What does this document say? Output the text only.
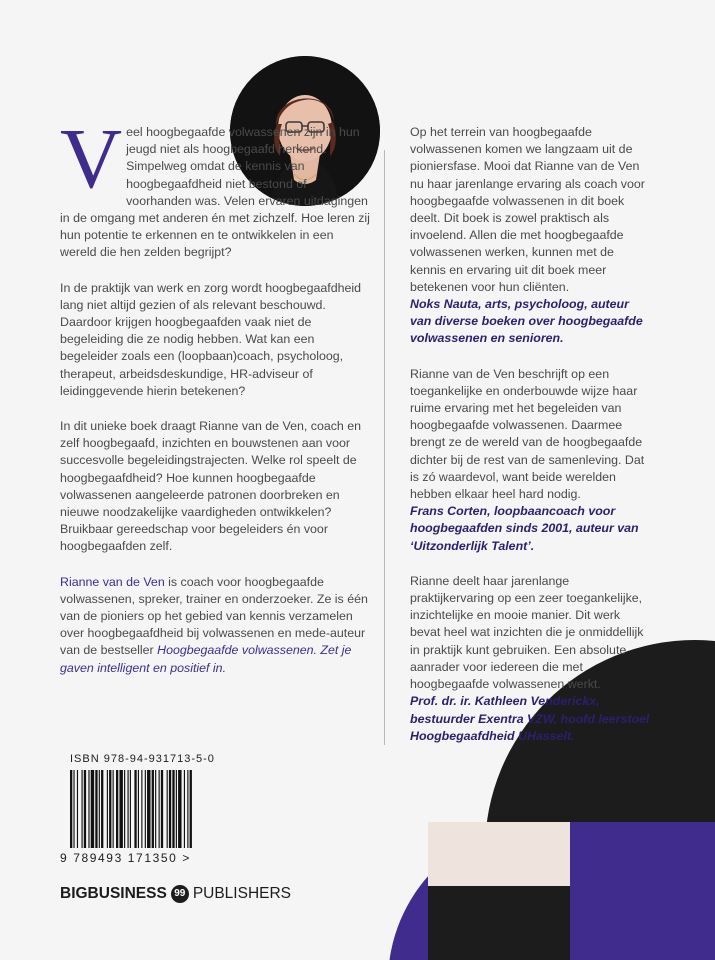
V eel hoogbegaafde volwassenen zijn in hun jeugd niet als hoogbegaafd herkend. Simpelweg omdat de kennis van hoogbegaafdheid niet bestond of voorhanden was. Velen ervaren uitdagingen in de omgang met anderen én met zichzelf. Hoe leren zij hun potentie te erkennen en te ontwikkelen in een wereld die hen zelden begrijpt?

In de praktijk van werk en zorg wordt hoogbegaafdheid lang niet altijd gezien of als relevant beschouwd. Daardoor krijgen hoogbegaafden vaak niet de begeleiding die ze nodig hebben. Wat kan een begeleider zoals een (loopbaan)coach, psycholoog, therapeut, arbeidsdeskundige, HR-adviseur of leidinggevende hierin betekenen?

In dit unieke boek draagt Rianne van de Ven, coach en zelf hoogbegaafd, inzichten en bouwstenen aan voor succesvolle begeleidingstrajecten. Welke rol speelt de hoogbegaafdheid? Hoe kunnen hoogbegaafde volwassenen aangeleerde patronen doorbreken en nieuwe noodzakelijke vaardigheden ontwikkelen? Bruikbaar gereedschap voor begeleiders én voor hoogbegaafden zelf.

Rianne van de Ven is coach voor hoogbegaafde volwassenen, spreker, trainer en onderzoeker. Ze is één van de pioniers op het gebied van kennis verzamelen over hoogbegaafdheid bij volwassenen en mede-auteur van de bestseller Hoogbegaafde volwassenen. Zet je gaven intelligent en positief in.

Op het terrein van hoogbegaafde volwassenen komen we langzaam uit de pioniersfase. Mooi dat Rianne van de Ven nu haar jarenlange ervaring als coach voor hoogbegaafde volwassenen in dit boek deelt. Dit boek is zowel praktisch als invoelend. Allen die met hoogbegaafde volwassenen werken, kunnen met de kennis en ervaring uit dit boek meer betekenen voor hun cliënten.

Noks Nauta, arts, psycholoog, auteur van diverse boeken over hoogbegaafde volwassenen en senioren.

Rianne van de Ven beschrijft op een toegankelijke en onderbouwde wijze haar ruime ervaring met het begeleiden van hoogbegaafde volwassenen. Daarmee brengt ze de wereld van de hoogbegaafde dichter bij de rest van de samenleving. Dat is zó waardevol, want beide werelden hebben elkaar heel hard nodig.

Frans Corten, loopbaancoach voor hoogbegaafden sinds 2001, auteur van ‘Uitzonderlijk Talent’.

Rianne deelt haar jarenlange praktijkervaring op een zeer toegankelijke, inzichtelijke en mooie manier. Dit werk bevat heel wat inzichten die je onmiddellijk in praktijk kunt gebruiken. Een absolute aanrader voor iedereen die met hoogbegaafde volwassenen werkt.

Prof. dr. ir. Kathleen Venderickx, bestuurder Exentra VZW, hoofd leerstoel Hoogbegaafdheid UHasselt.

ISBN 978-94-931713-5-0
9 789493 171350 >
BIGBUSINESS
99 PUBLISHERS
